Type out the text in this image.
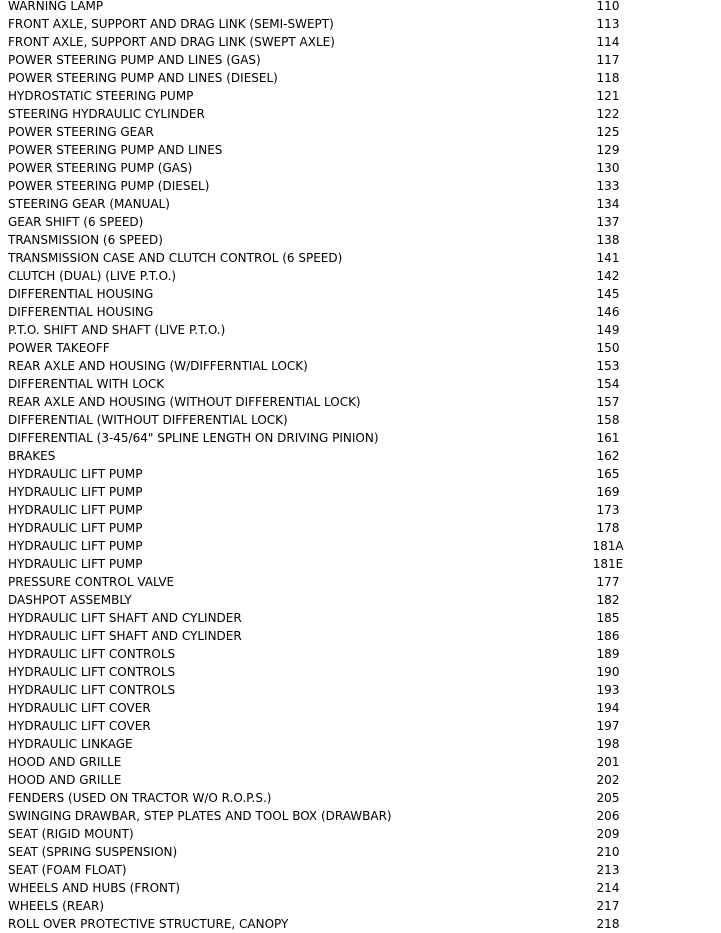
WARNING LAMP	110
FRONT AXLE, SUPPORT AND DRAG LINK (SEMI-SWEPT)	113
FRONT AXLE, SUPPORT AND DRAG LINK (SWEPT AXLE)	114
POWER STEERING PUMP AND LINES (GAS)	117
POWER STEERING PUMP AND LINES (DIESEL)	118
HYDROSTATIC STEERING PUMP	121
STEERING HYDRAULIC CYLINDER	122
POWER STEERING GEAR	125
POWER STEERING PUMP AND LINES	129
POWER STEERING PUMP (GAS)	130
POWER STEERING PUMP (DIESEL)	133
STEERING GEAR (MANUAL)	134
GEAR SHIFT (6 SPEED)	137
TRANSMISSION (6 SPEED)	138
TRANSMISSION CASE AND CLUTCH CONTROL (6 SPEED)	141
CLUTCH (DUAL) (LIVE P.T.O.)	142
DIFFERENTIAL HOUSING	145
DIFFERENTIAL HOUSING	146
P.T.O. SHIFT AND SHAFT (LIVE P.T.O.)	149
POWER TAKEOFF	150
REAR AXLE AND HOUSING (W/DIFFERNTIAL LOCK)	153
DIFFERENTIAL WITH LOCK	154
REAR AXLE AND HOUSING (WITHOUT DIFFERENTIAL LOCK)	157
DIFFERENTIAL (WITHOUT DIFFERENTIAL LOCK)	158
DIFFERENTIAL (3-45/64" SPLINE LENGTH ON DRIVING PINION)	161
BRAKES	162
HYDRAULIC LIFT PUMP	165
HYDRAULIC LIFT PUMP	169
HYDRAULIC LIFT PUMP	173
HYDRAULIC LIFT PUMP	178
HYDRAULIC LIFT PUMP	181A
HYDRAULIC LIFT PUMP	181E
PRESSURE CONTROL VALVE	177
DASHPOT ASSEMBLY	182
HYDRAULIC LIFT SHAFT AND CYLINDER	185
HYDRAULIC LIFT SHAFT AND CYLINDER	186
HYDRAULIC LIFT CONTROLS	189
HYDRAULIC LIFT CONTROLS	190
HYDRAULIC LIFT CONTROLS	193
HYDRAULIC LIFT COVER	194
HYDRAULIC LIFT COVER	197
HYDRAULIC LINKAGE	198
HOOD AND GRILLE	201
HOOD AND GRILLE	202
FENDERS (USED ON TRACTOR W/O R.O.P.S.)	205
SWINGING DRAWBAR, STEP PLATES AND TOOL BOX (DRAWBAR)	206
SEAT (RIGID MOUNT)	209
SEAT (SPRING SUSPENSION)	210
SEAT (FOAM FLOAT)	213
WHEELS AND HUBS (FRONT)	214
WHEELS (REAR)	217
ROLL OVER PROTECTIVE STRUCTURE, CANOPY	218
